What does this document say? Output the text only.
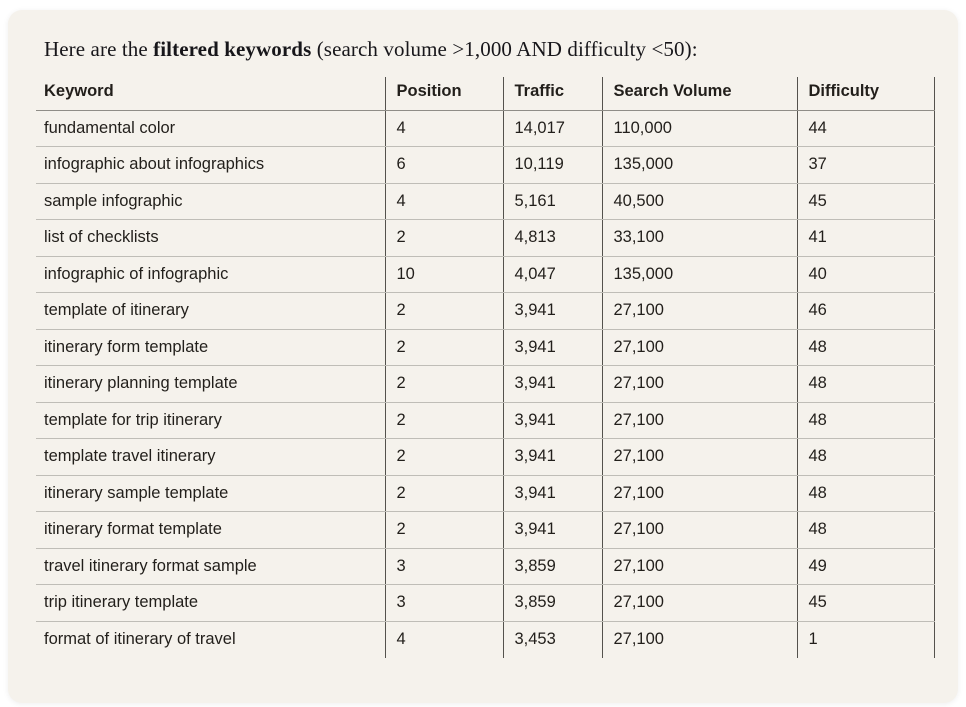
Here are the filtered keywords (search volume >1,000 AND difficulty <50):

Keyword	Position	Traffic	Search Volume	Difficulty
fundamental color	4	14,017	110,000	44
infographic about infographics	6	10,119	135,000	37
sample infographic	4	5,161	40,500	45
list of checklists	2	4,813	33,100	41
infographic of infographic	10	4,047	135,000	40
template of itinerary	2	3,941	27,100	46
itinerary form template	2	3,941	27,100	48
itinerary planning template	2	3,941	27,100	48
template for trip itinerary	2	3,941	27,100	48
template travel itinerary	2	3,941	27,100	48
itinerary sample template	2	3,941	27,100	48
itinerary format template	2	3,941	27,100	48
travel itinerary format sample	3	3,859	27,100	49
trip itinerary template	3	3,859	27,100	45
format of itinerary of travel	4	3,453	27,100	1
